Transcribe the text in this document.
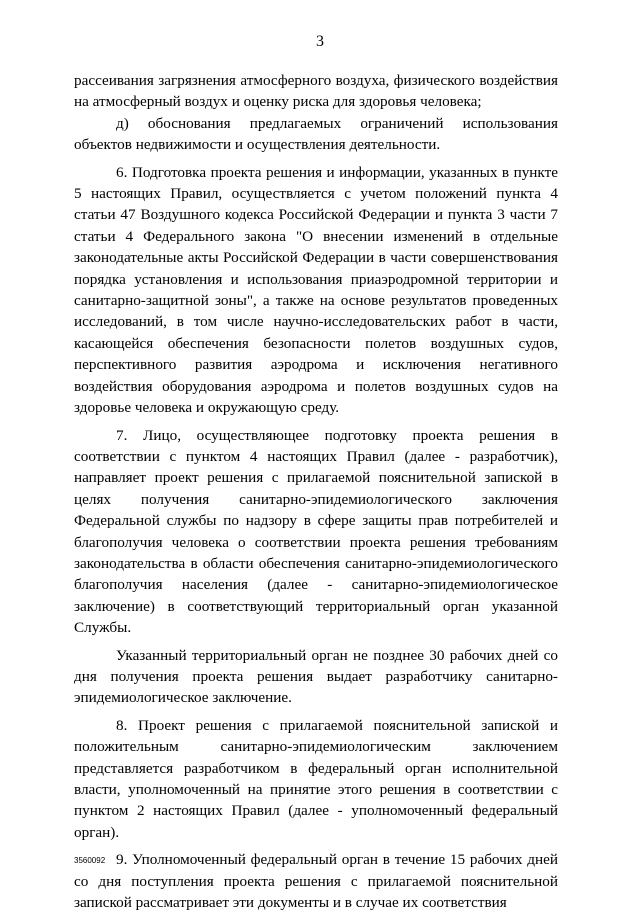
3

рассеивания загрязнения атмосферного воздуха, физического воздействия на атмосферный воздух и оценку риска для здоровья человека;

д) обоснования предлагаемых ограничений использования объектов недвижимости и осуществления деятельности.

6. Подготовка проекта решения и информации, указанных в пункте 5 настоящих Правил, осуществляется с учетом положений пункта 4 статьи 47 Воздушного кодекса Российской Федерации и пункта 3 части 7 статьи 4 Федерального закона "О внесении изменений в отдельные законодательные акты Российской Федерации в части совершенствования порядка установления и использования приаэродромной территории и санитарно-защитной зоны", а также на основе результатов проведенных исследований, в том числе научно-исследовательских работ в части, касающейся обеспечения безопасности полетов воздушных судов, перспективного развития аэродрома и исключения негативного воздействия оборудования аэродрома и полетов воздушных судов на здоровье человека и окружающую среду.

7. Лицо, осуществляющее подготовку проекта решения в соответствии с пунктом 4 настоящих Правил (далее - разработчик), направляет проект решения с прилагаемой пояснительной запиской в целях получения санитарно-эпидемиологического заключения Федеральной службы по надзору в сфере защиты прав потребителей и благополучия человека о соответствии проекта решения требованиям законодательства в области обеспечения санитарно-эпидемиологического благополучия населения (далее - санитарно-эпидемиологическое заключение) в соответствующий территориальный орган указанной Службы.

Указанный территориальный орган не позднее 30 рабочих дней со дня получения проекта решения выдает разработчику санитарно-эпидемиологическое заключение.

8. Проект решения с прилагаемой пояснительной запиской и положительным санитарно-эпидемиологическим заключением представляется разработчиком в федеральный орган исполнительной власти, уполномоченный на принятие этого решения в соответствии с пунктом 2 настоящих Правил (далее - уполномоченный федеральный орган).

9. Уполномоченный федеральный орган в течение 15 рабочих дней со дня поступления проекта решения с прилагаемой пояснительной запиской рассматривает эти документы и в случае их соответствия

3560092
